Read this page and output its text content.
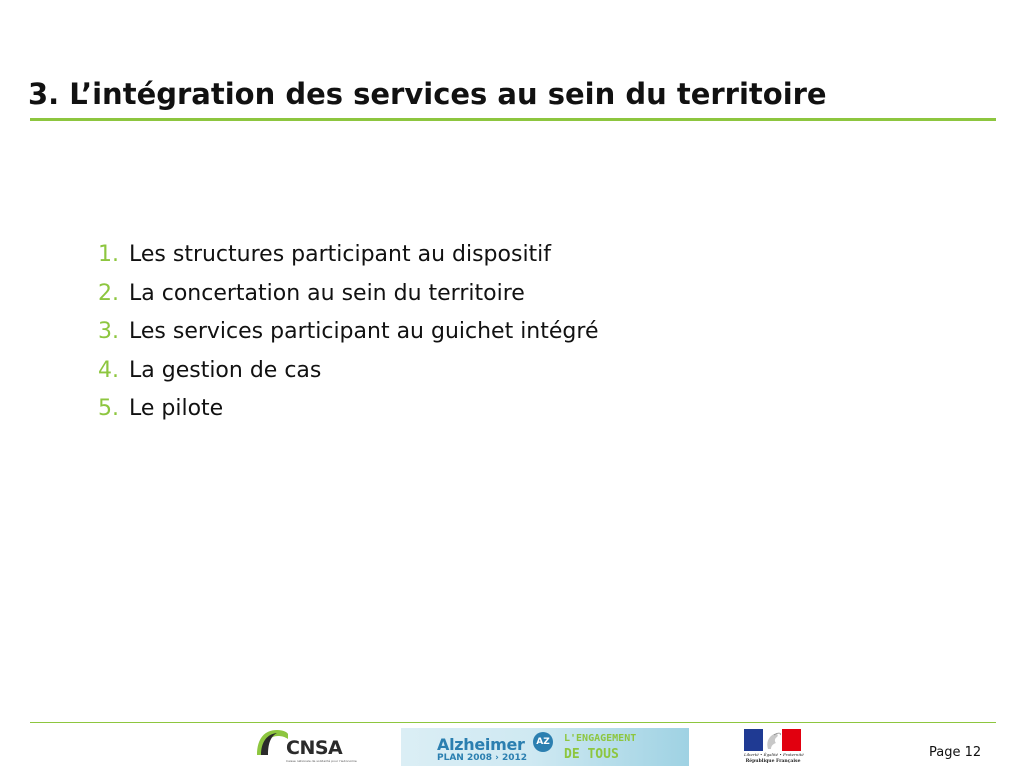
3. L’intégration des services au sein du territoire
1. Les structures participant au dispositif
2. La concertation au sein du territoire
3. Les services participant au guichet intégré
4. La gestion de cas
5. Le pilote
CNSA
Caisse nationale de solidarité pour l'autonomie
Alzheimer
PLAN 2008 › 2012
AZ	L'ENGAGEMENT
DE TOUS	Liberté • Égalité • Fraternité
République Française
Page 12
